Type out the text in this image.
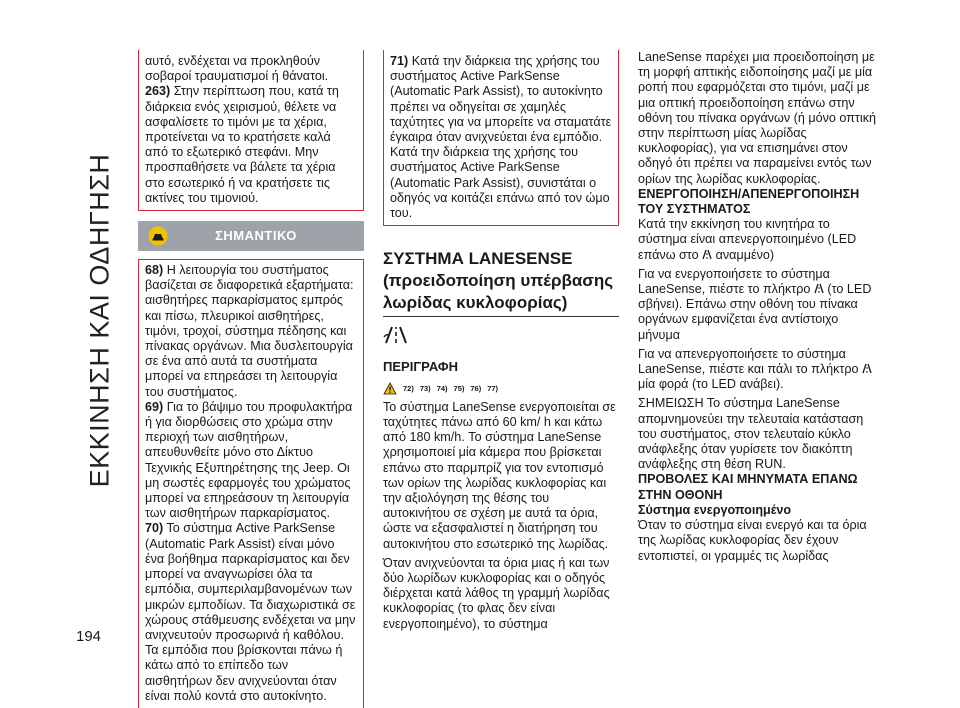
ΕΚΚΙΝΗΣΗ ΚΑΙ ΟΔΗΓΗΣΗ
194

αυτό, ενδέχεται να προκληθούν σοβαροί τραυματισμοί ή θάνατοι.

263) Στην περίπτωση που, κατά τη διάρκεια ενός χειρισμού, θέλετε να ασφαλίσετε το τιμόνι με τα χέρια, προτείνεται να το κρατήσετε καλά από το εξωτερικό στεφάνι. Μην προσπαθήσετε να βάλετε τα χέρια στο εσωτερικό ή να κρατήσετε τις ακτίνες του τιμονιού.

ΣΗΜΑΝΤΙΚΟ

68) Η λειτουργία του συστήματος βασίζεται σε διαφορετικά εξαρτήματα: αισθητήρες παρκαρίσματος εμπρός και πίσω, πλευρικοί αισθητήρες, τιμόνι, τροχοί, σύστημα πέδησης και πίνακας οργάνων. Μια δυσλειτουργία σε ένα από αυτά τα συστήματα μπορεί να επηρεάσει τη λειτουργία του συστήματος.

69) Για το βάψιμο του προφυλακτήρα ή για διορθώσεις στο χρώμα στην περιοχή των αισθητήρων, απευθυνθείτε μόνο στο Δίκτυο Τεχνικής Εξυπηρέτησης της Jeep. Οι μη σωστές εφαρμογές του χρώματος μπορεί να επηρεάσουν τη λειτουργία των αισθητήρων παρκαρίσματος.

70) Το σύστημα Active ParkSense (Automatic Park Assist) είναι μόνο ένα βοήθημα παρκαρίσματος και δεν μπορεί να αναγνωρίσει όλα τα εμπόδια, συμπεριλαμβανομένων των μικρών εμποδίων. Τα διαχωριστικά σε χώρους στάθμευσης ενδέχεται να μην ανιχνευτούν προσωρινά ή καθόλου. Τα εμπόδια που βρίσκονται πάνω ή κάτω από το επίπεδο των αισθητήρων δεν ανιχνεύονται όταν είναι πολύ κοντά στο αυτοκίνητο.

71) Κατά την διάρκεια της χρήσης του συστήματος Active ParkSense (Automatic Park Assist), το αυτοκίνητο πρέπει να οδηγείται σε χαμηλές ταχύτητες για να μπορείτε να σταματάτε έγκαιρα όταν ανιχνεύεται ένα εμπόδιο. Κατά την διάρκεια της χρήσης του συστήματος Active ParkSense (Automatic Park Assist), συνιστάται ο οδηγός να κοιτάζει επάνω από τον ώμο του.

ΣΥΣΤΗΜΑ LANESENSE (προειδοποίηση υπέρβασης λωρίδας κυκλοφορίας)
ΠΕΡΙΓΡΑΦΗ
72) 73) 74) 75) 76) 77)

Το σύστημα LaneSense ενεργοποιείται σε ταχύτητες πάνω από 60 km/ h και κάτω από 180 km/h. Το σύστημα LaneSense χρησιμοποιεί μία κάμερα που βρίσκεται επάνω στο παρμπρίζ για τον εντοπισμό των ορίων της λωρίδας κυκλοφορίας και την αξιολόγηση της θέσης του αυτοκινήτου σε σχέση με αυτά τα όρια, ώστε να εξασφαλιστεί η διατήρηση του αυτοκινήτου στο εσωτερικό της λωρίδας.

Όταν ανιχνεύονται τα όρια μιας ή και των δύο λωρίδων κυκλοφορίας και ο οδηγός διέρχεται κατά λάθος τη γραμμή λωρίδας κυκλοφορίας (το φλας δεν είναι ενεργοποιημένο), το σύστημα

LaneSense παρέχει μια προειδοποίηση με τη μορφή απτικής ειδοποίησης μαζί με μία ροπή που εφαρμόζεται στο τιμόνι, μαζί με μια οπτική προειδοποίηση επάνω στην οθόνη του πίνακα οργάνων (ή μόνο οπτική στην περίπτωση μίας λωρίδας κυκλοφορίας), για να επισημάνει στον οδηγό ότι πρέπει να παραμείνει εντός των ορίων της λωρίδας κυκλοφορίας.

ΕΝΕΡΓΟΠΟΙΗΣΗ/ΑΠΕΝΕΡΓΟΠΟΙΗΣΗ ΤΟΥ ΣΥΣΤΗΜΑΤΟΣ

Κατά την εκκίνηση του κινητήρα το σύστημα είναι απενεργοποιημένο (LED επάνω στο αναμμένο)

Για να ενεργοποιήσετε το σύστημα LaneSense, πιέστε το πλήκτρο (το LED σβήνει). Επάνω στην οθόνη του πίνακα οργάνων εμφανίζεται ένα αντίστοιχο μήνυμα

Για να απενεργοποιήσετε το σύστημα LaneSense, πιέστε και πάλι το πλήκτρο  μία φορά (το LED ανάβει).

ΣΗΜΕΙΩΣΗ Το σύστημα LaneSense απομνημονεύει την τελευταία κατάσταση του συστήματος, στον τελευταίο κύκλο ανάφλεξης όταν γυρίσετε τον διακόπτη ανάφλεξης στη θέση RUN.

ΠΡΟΒΟΛΕΣ ΚΑΙ ΜΗΝΥΜΑΤΑ ΕΠΑΝΩ ΣΤΗΝ ΟΘΟΝΗ

Σύστημα ενεργοποιημένο

Όταν το σύστημα είναι ενεργό και τα όρια της λωρίδας κυκλοφορίας δεν έχουν εντοπιστεί, οι γραμμές τις λωρίδας
